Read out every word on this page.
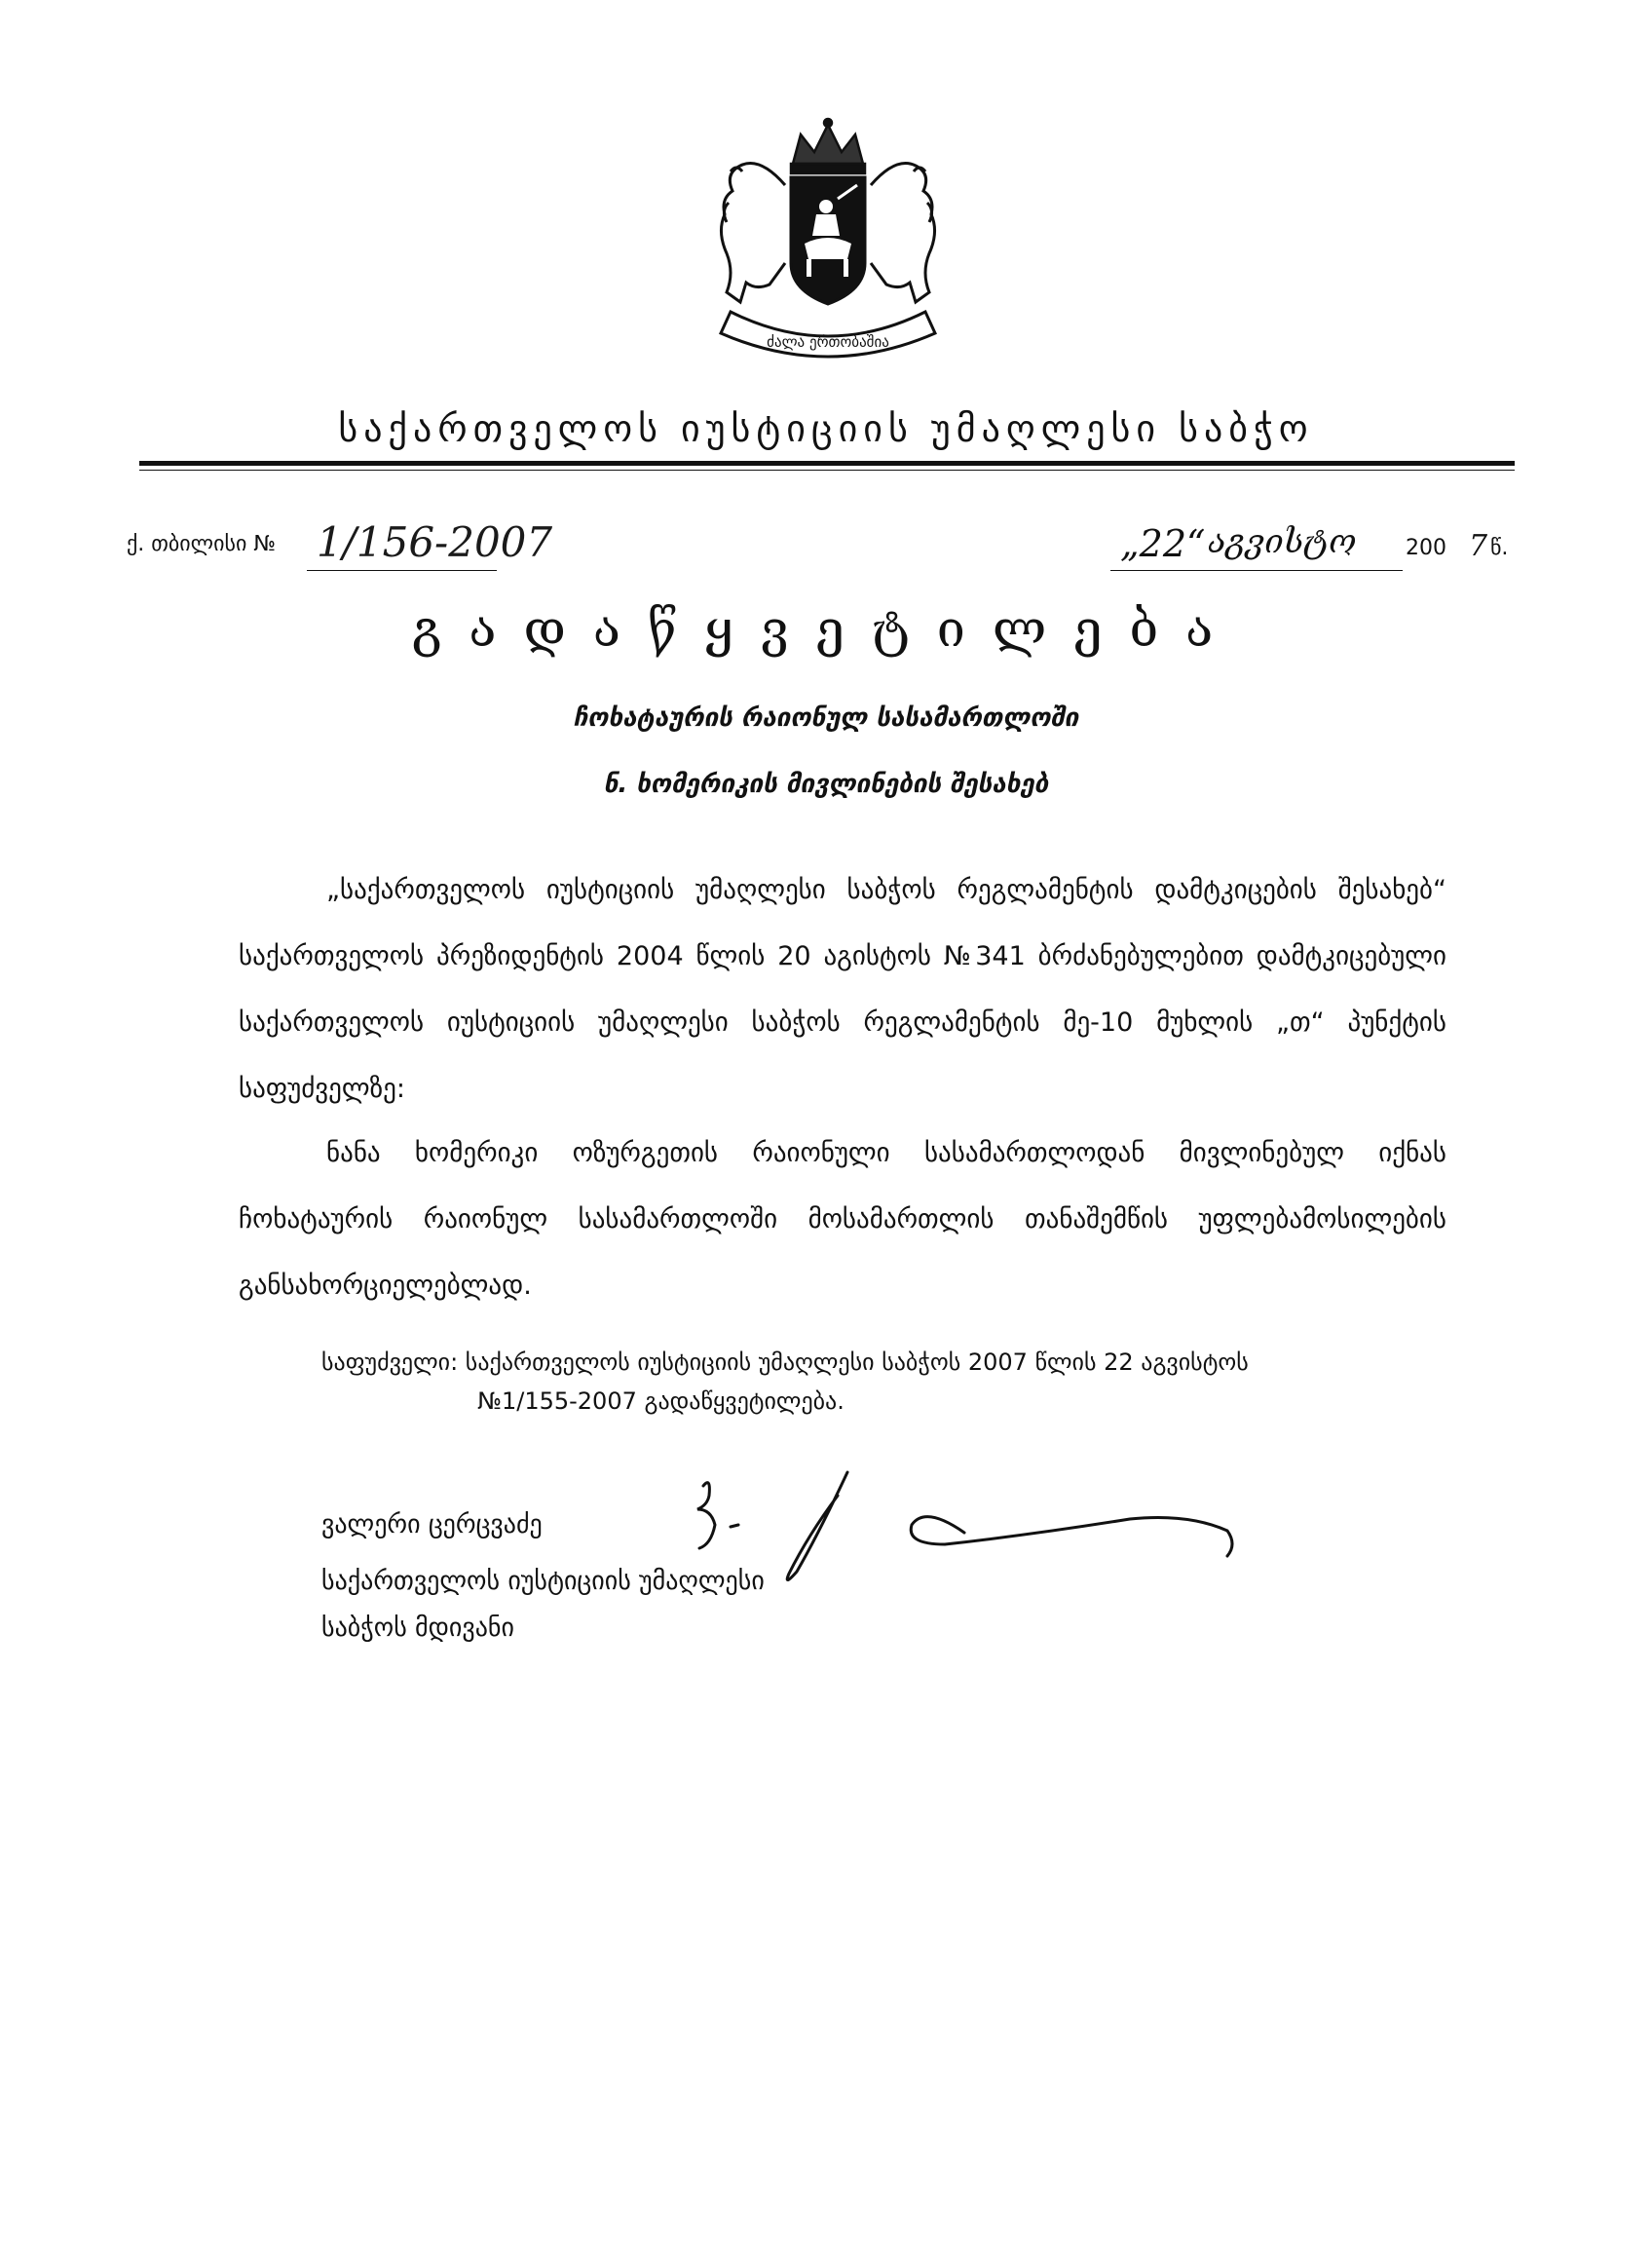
ძალა ერთობაშია
საქართველოს იუსტიციის უმაღლესი საბჭო
ქ. თბილისი № 1/156-2007	„22“ აგვისტო 200 7 წ.
გადაწყვეტილება
ჩოხატაურის რაიონულ სასამართლოში
ნ. ხომერიკის მივლინების შესახებ
„საქართველოს იუსტიციის უმაღლესი საბჭოს რეგლამენტის დამტკიცების შესახებ“ საქართველოს პრეზიდენტის 2004 წლის 20 აგისტოს №341 ბრძანებულებით დამტკიცებული საქართველოს იუსტიციის უმაღლესი საბჭოს რეგლამენტის მე-10 მუხლის „თ“ პუნქტის საფუძველზე:
ნანა ხომერიკი ოზურგეთის რაიონული სასამართლოდან მივლინებულ იქნას ჩოხატაურის რაიონულ სასამართლოში მოსამართლის თანაშემწის უფლებამოსილების განსახორციელებლად.
საფუძველი: საქართველოს იუსტიციის უმაღლესი საბჭოს 2007 წლის 22 აგვისტოს
№1/155-2007 გადაწყვეტილება.
ვალერი ცერცვაძე
საქართველოს იუსტიციის უმაღლესი
საბჭოს მდივანი
